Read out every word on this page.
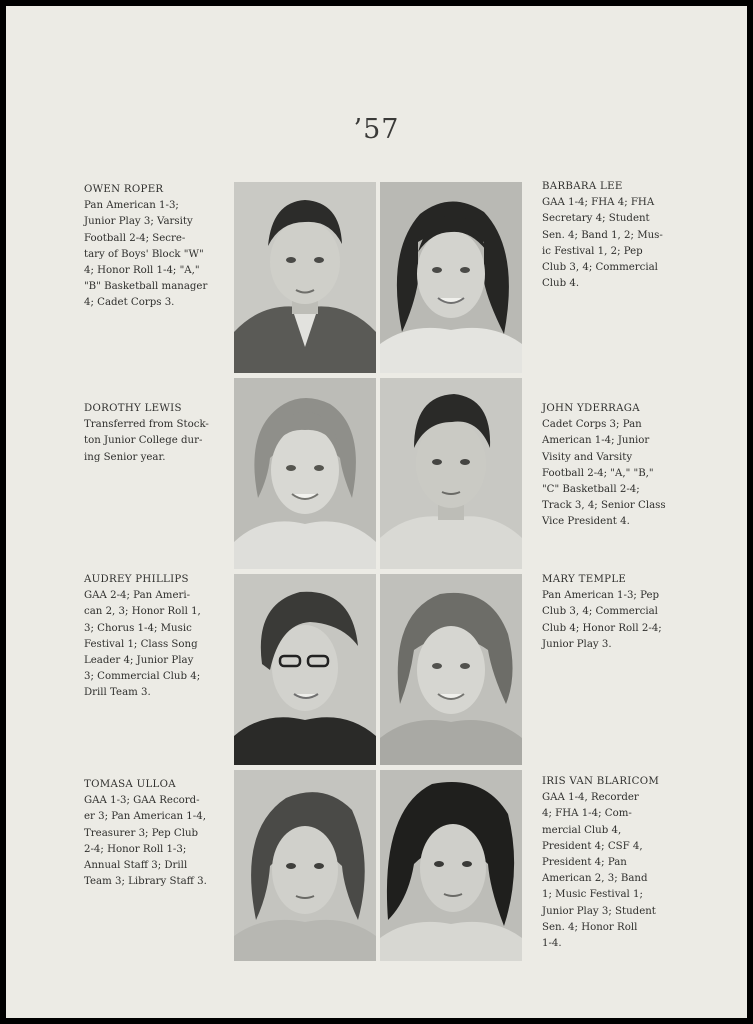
’57
OWEN ROPER
Pan American 1-3;
Junior Play 3; Varsity
Football 2-4; Secre-
tary of Boys' Block "W"
4; Honor Roll 1-4; "A,"
"B" Basketball manager
4; Cadet Corps 3.
DOROTHY LEWIS
Transferred from Stock-
ton Junior College dur-
ing Senior year.
AUDREY PHILLIPS
GAA 2-4; Pan Ameri-
can 2, 3; Honor Roll 1,
3; Chorus 1-4; Music
Festival 1; Class Song
Leader 4; Junior Play
3; Commercial Club 4;
Drill Team 3.
TOMASA ULLOA
GAA 1-3; GAA Record-
er 3; Pan American 1-4,
Treasurer 3; Pep Club
2-4; Honor Roll 1-3;
Annual Staff 3; Drill
Team 3; Library Staff 3.
BARBARA LEE
GAA 1-4; FHA 4; FHA
Secretary 4; Student
Sen. 4; Band 1, 2; Mus-
ic Festival 1, 2; Pep
Club 3, 4; Commercial
Club 4.
JOHN YDERRAGA
Cadet Corps 3; Pan
American 1-4; Junior
Visity and Varsity
Football 2-4; "A," "B,"
"C" Basketball 2-4;
Track 3, 4; Senior Class
Vice President 4.
MARY TEMPLE
Pan American 1-3; Pep
Club 3, 4; Commercial
Club 4; Honor Roll 2-4;
Junior Play 3.
IRIS VAN BLARICOM
GAA 1-4, Recorder
4; FHA 1-4; Com-
mercial Club 4,
President 4; CSF 4,
President 4; Pan
American 2, 3; Band
1; Music Festival 1;
Junior Play 3; Student
Sen. 4; Honor Roll
1-4.
